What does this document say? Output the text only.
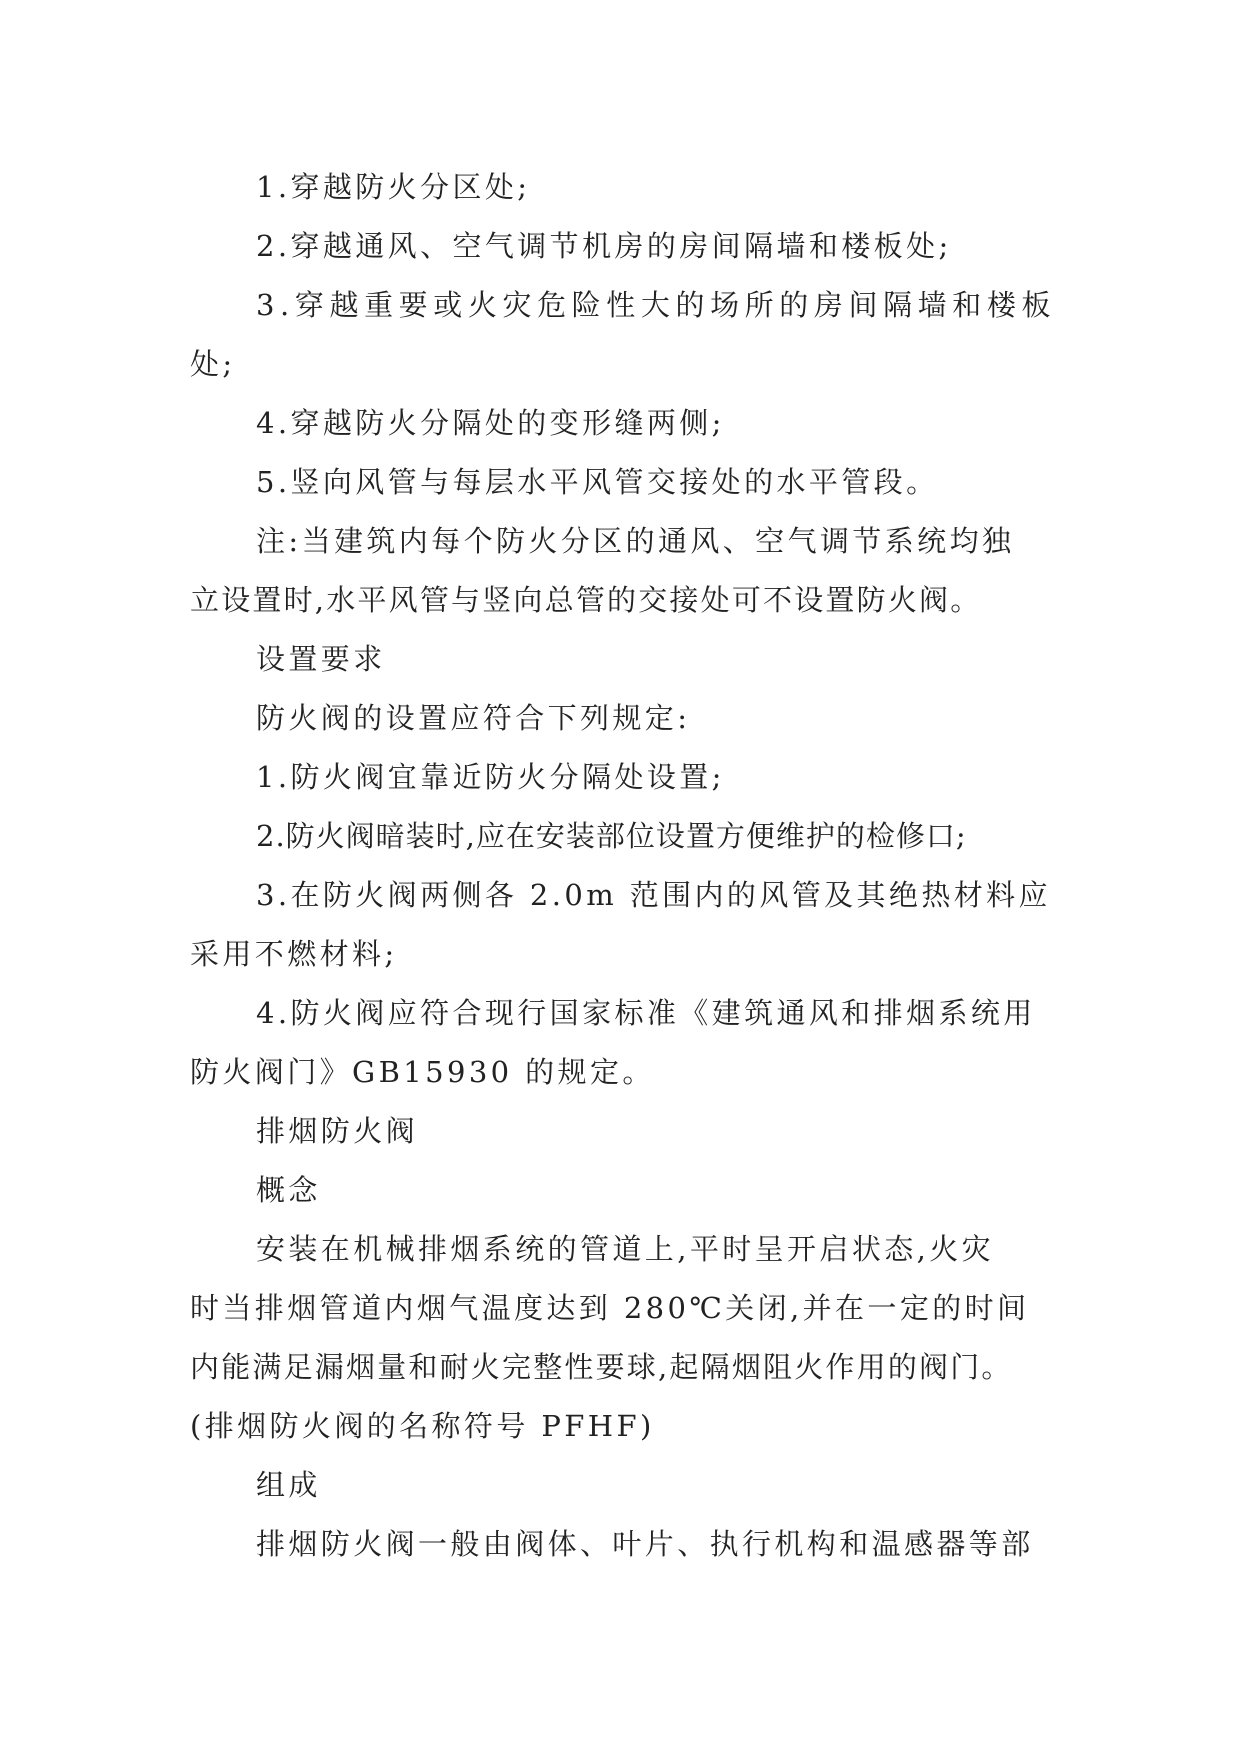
1.穿越防火分区处;
2.穿越通风、空气调节机房的房间隔墙和楼板处;
3.穿越重要或火灾危险性大的场所的房间隔墙和楼板
处;
4.穿越防火分隔处的变形缝两侧;
5.竖向风管与每层水平风管交接处的水平管段。
注:当建筑内每个防火分区的通风、空气调节系统均独
立设置时,水平风管与竖向总管的交接处可不设置防火阀。
设置要求
防火阀的设置应符合下列规定:
1.防火阀宜靠近防火分隔处设置;
2.防火阀暗装时,应在安装部位设置方便维护的检修口;
3.在防火阀两侧各 2.0m 范围内的风管及其绝热材料应
采用不燃材料;
4.防火阀应符合现行国家标准《建筑通风和排烟系统用
防火阀门》GB15930 的规定。
排烟防火阀
概念
安装在机械排烟系统的管道上,平时呈开启状态,火灾
时当排烟管道内烟气温度达到 280℃关闭,并在一定的时间
内能满足漏烟量和耐火完整性要球,起隔烟阻火作用的阀门。
(排烟防火阀的名称符号 PFHF)
组成
排烟防火阀一般由阀体、叶片、执行机构和温感器等部
